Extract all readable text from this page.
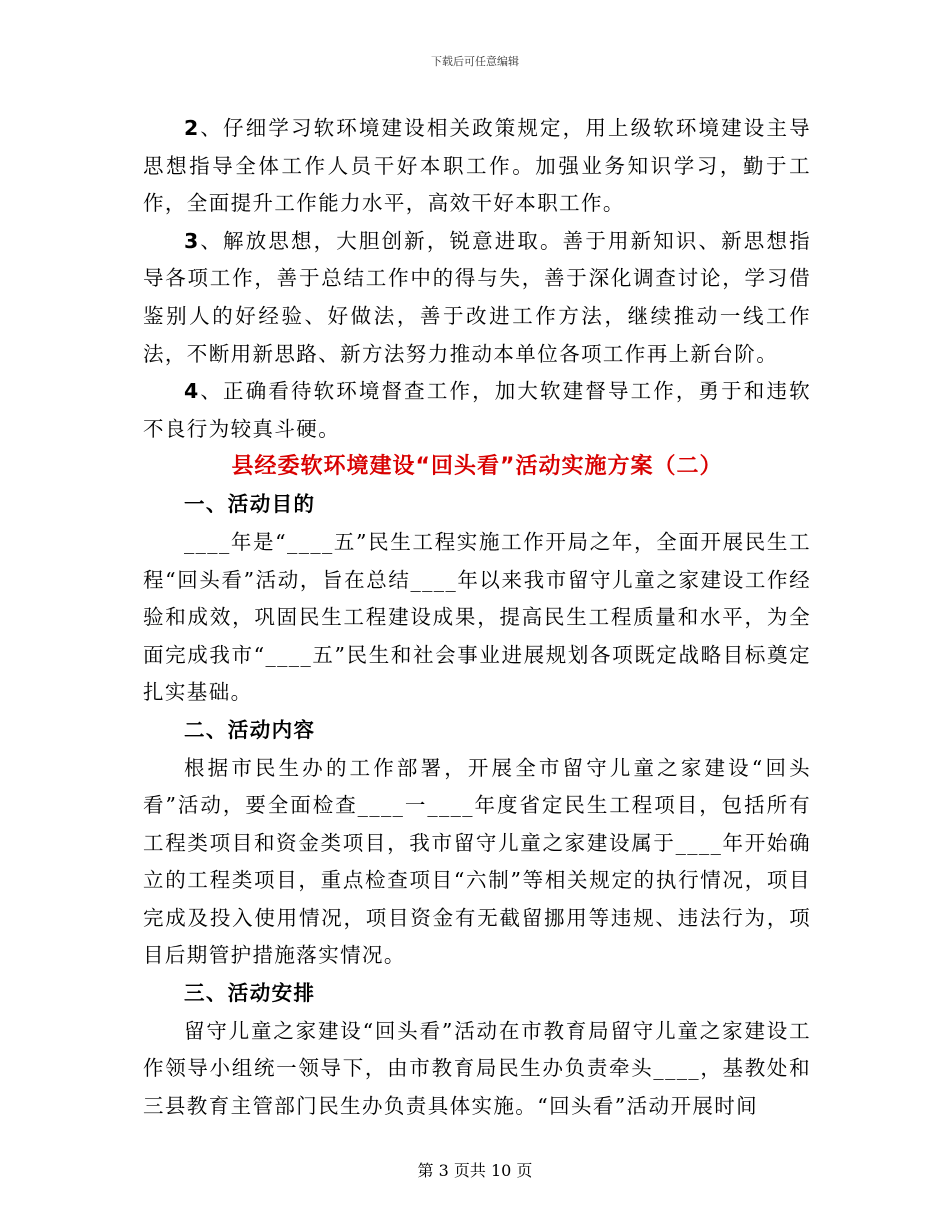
下载后可任意编辑

2、仔细学习软环境建设相关政策规定，用上级软环境建设主导思想指导全体工作人员干好本职工作。加强业务知识学习，勤于工作，全面提升工作能力水平，高效干好本职工作。

3、解放思想，大胆创新，锐意进取。善于用新知识、新思想指导各项工作，善于总结工作中的得与失，善于深化调查讨论，学习借鉴别人的好经验、好做法，善于改进工作方法，继续推动一线工作法，不断用新思路、新方法努力推动本单位各项工作再上新台阶。

4、正确看待软环境督查工作，加大软建督导工作，勇于和违软不良行为较真斗硬。

县经委软环境建设“回头看”活动实施方案（二）
一、活动目的

____年是“____五”民生工程实施工作开局之年，全面开展民生工程“回头看”活动，旨在总结____年以来我市留守儿童之家建设工作经验和成效，巩固民生工程建设成果，提高民生工程质量和水平，为全面完成我市“____五”民生和社会事业进展规划各项既定战略目标奠定扎实基础。

二、活动内容

根据市民生办的工作部署，开展全市留守儿童之家建设“回头看”活动，要全面检查____一____年度省定民生工程项目，包括所有工程类项目和资金类项目，我市留守儿童之家建设属于____年开始确立的工程类项目，重点检查项目“六制”等相关规定的执行情况，项目完成及投入使用情况，项目资金有无截留挪用等违规、违法行为，项目后期管护措施落实情况。

三、活动安排

留守儿童之家建设“回头看”活动在市教育局留守儿童之家建设工作领导小组统一领导下，由市教育局民生办负责牵头____，基教处和三县教育主管部门民生办负责具体实施。“回头看”活动开展时间

第 3 页共 10 页
